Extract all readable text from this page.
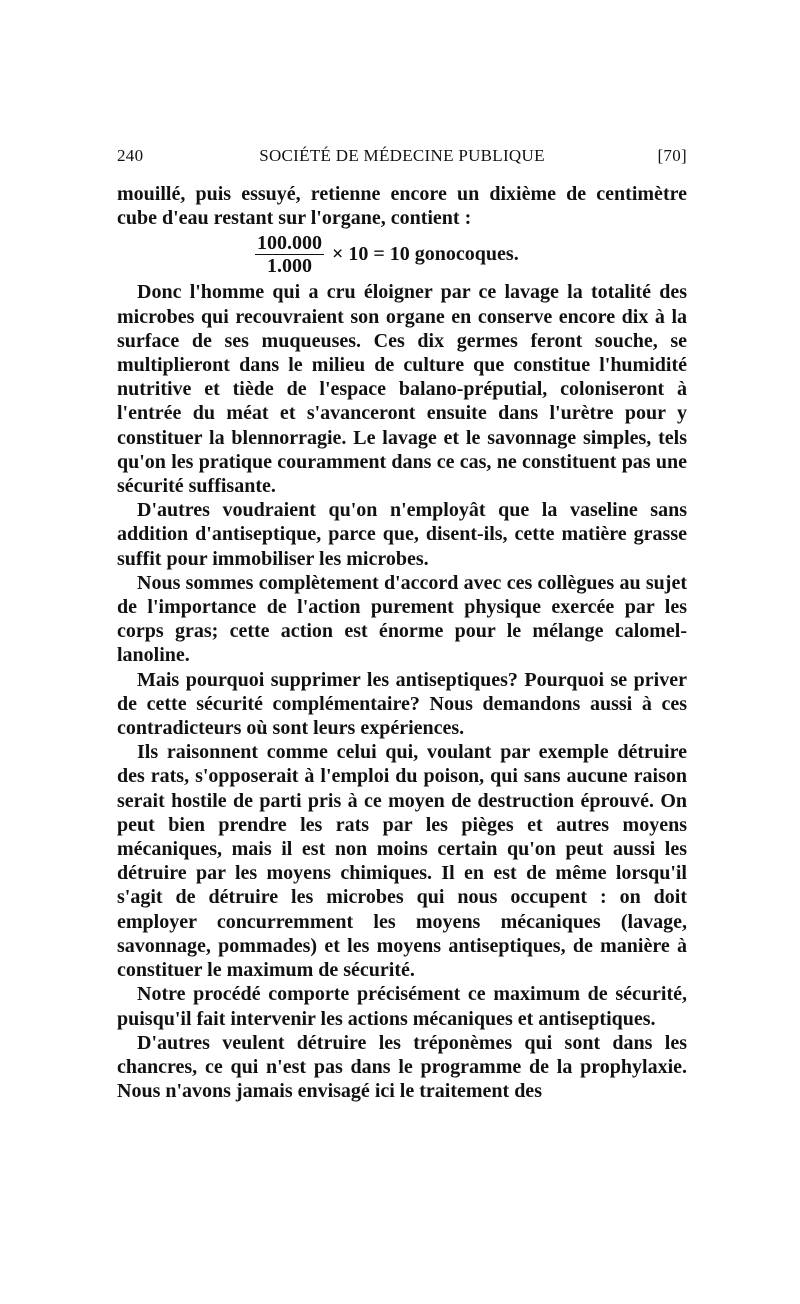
SOCIÉTÉ DE MÉDECINE PUBLIQUE
240	[70]

mouillé, puis essuyé, retienne encore un dixième de centimètre cube d'eau restant sur l'organe, contient :

$\frac{100.000}{1.000} \times 10 = 10$ gonocoques.

Donc l'homme qui a cru éloigner par ce lavage la totalité des microbes qui recouvraient son organe en conserve encore dix à la surface de ses muqueuses. Ces dix germes feront souche, se multiplieront dans le milieu de culture que constitue l'humidité nutritive et tiède de l'espace balano-préputial, coloniseront à l'entrée du méat et s'avanceront ensuite dans l'urètre pour y constituer la blennorragie. Le lavage et le savonnage simples, tels qu'on les pratique couramment dans ce cas, ne constituent pas une sécurité suffisante.

D'autres voudraient qu'on n'employât que la vaseline sans addition d'antiseptique, parce que, disent-ils, cette matière grasse suffit pour immobiliser les microbes.

Nous sommes complètement d'accord avec ces collègues au sujet de l'importance de l'action purement physique exercée par les corps gras; cette action est énorme pour le mélange calomel-lanoline.

Mais pourquoi supprimer les antiseptiques? Pourquoi se priver de cette sécurité complémentaire? Nous demandons aussi à ces contradicteurs où sont leurs expériences.

Ils raisonnent comme celui qui, voulant par exemple détruire des rats, s'opposerait à l'emploi du poison, qui sans aucune raison serait hostile de parti pris à ce moyen de destruction éprouvé. On peut bien prendre les rats par les pièges et autres moyens mécaniques, mais il est non moins certain qu'on peut aussi les détruire par les moyens chimiques. Il en est de même lorsqu'il s'agit de détruire les microbes qui nous occupent : on doit employer concurremment les moyens mécaniques (lavage, savonnage, pommades) et les moyens antiseptiques, de manière à constituer le maximum de sécurité.

Notre procédé comporte précisément ce maximum de sécurité, puisqu'il fait intervenir les actions mécaniques et antiseptiques.

D'autres veulent détruire les tréponèmes qui sont dans les chancres, ce qui n'est pas dans le programme de la prophylaxie. Nous n'avons jamais envisagé ici le traitement des
